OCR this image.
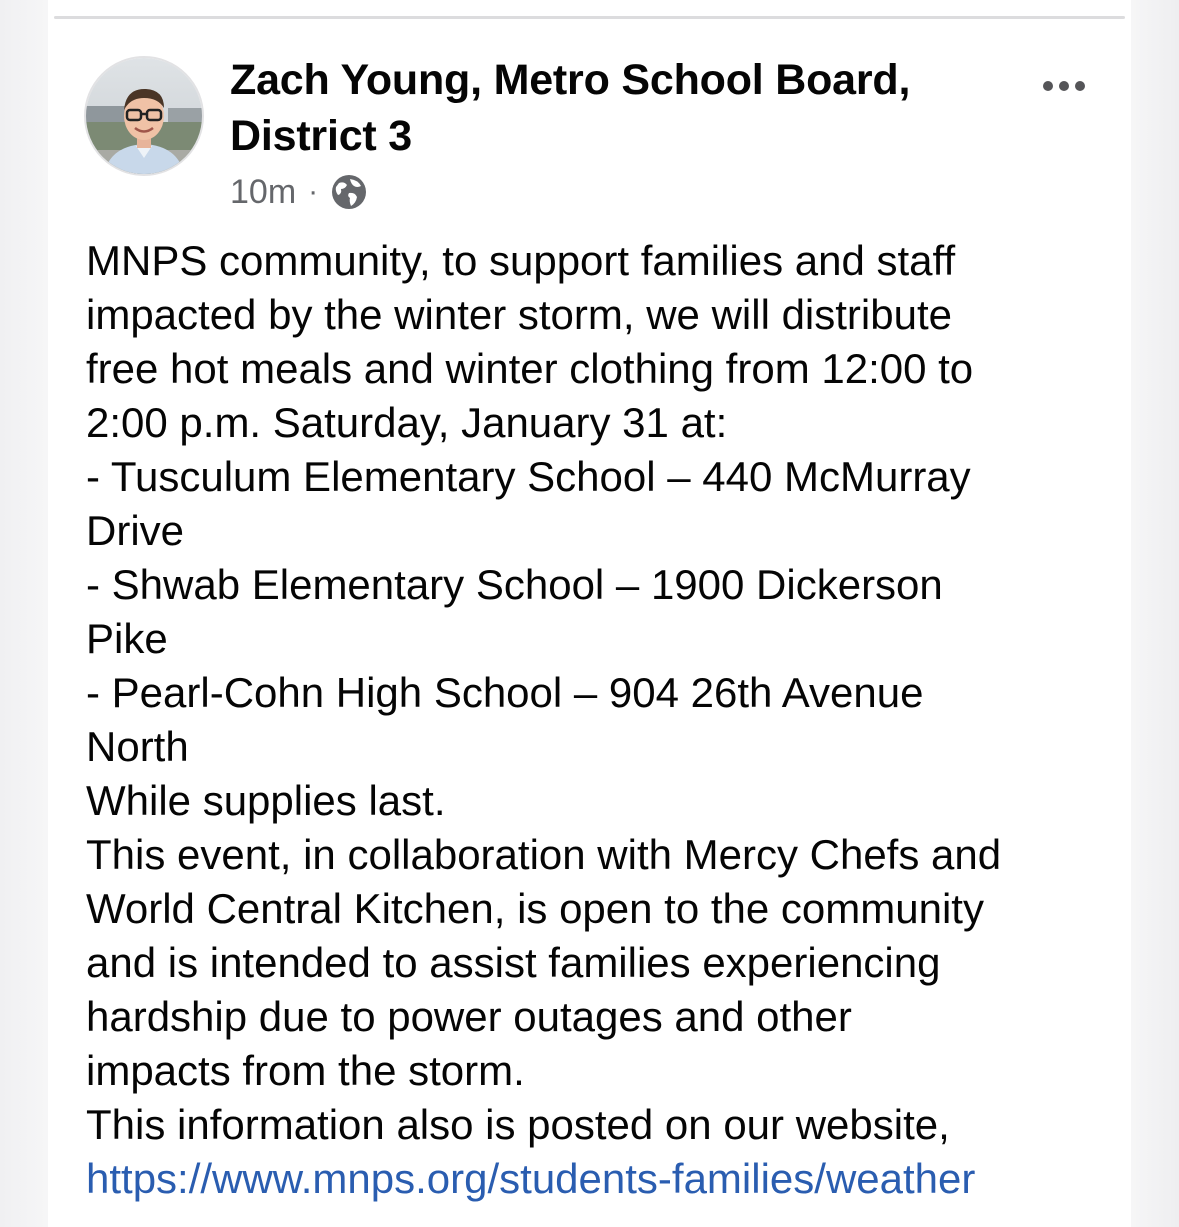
Zach Young, Metro School Board,
District 3
10m ·
MNPS community, to support families and staff
impacted by the winter storm, we will distribute
free hot meals and winter clothing from 12:00 to
2:00 p.m. Saturday, January 31 at:
- Tusculum Elementary School – 440 McMurray
Drive
- Shwab Elementary School – 1900 Dickerson
Pike
- Pearl-Cohn High School – 904 26th Avenue
North
While supplies last.
This event, in collaboration with Mercy Chefs and
World Central Kitchen, is open to the community
and is intended to assist families experiencing
hardship due to power outages and other
impacts from the storm.
This information also is posted on our website,
https://www.mnps.org/students-families/weather
